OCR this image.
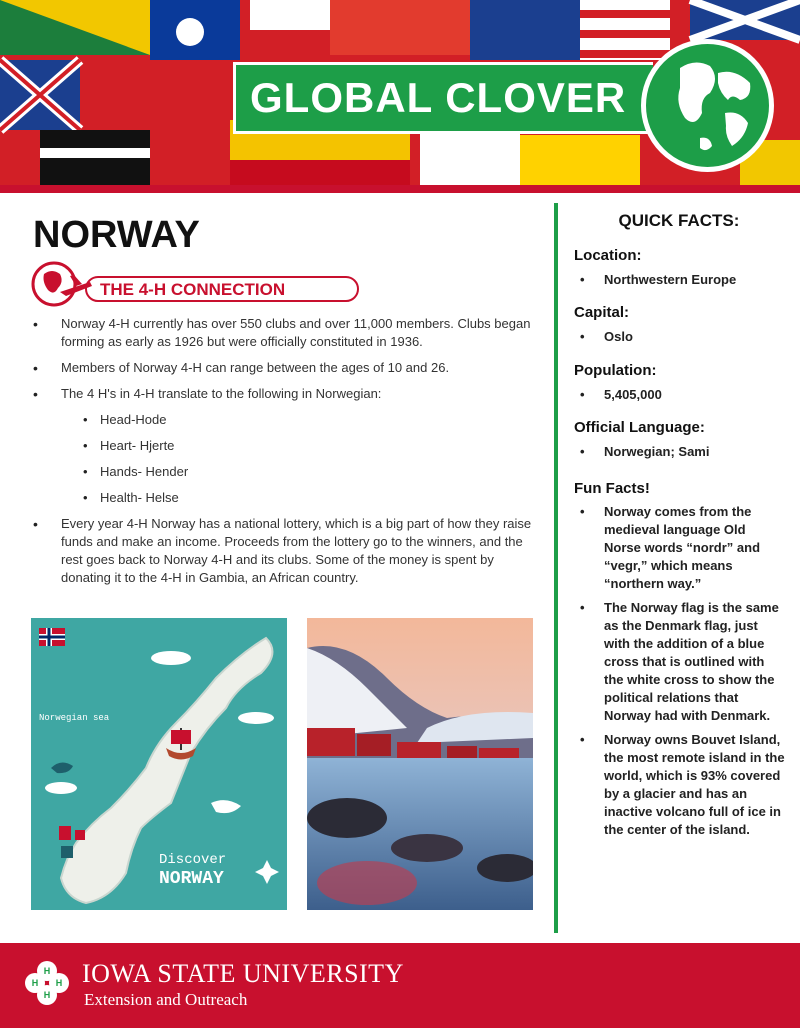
GLOBAL CLOVER
NORWAY
THE 4-H CONNECTION
• Norway 4-H currently has over 550 clubs and over 11,000 members. Clubs began forming as early as 1926 but were officially constituted in 1936.
• Members of Norway 4-H can range between the ages of 10 and 26.
• The 4 H's in 4-H translate to the following in Norwegian:
• Head-Hode
• Heart- Hjerte
• Hands- Hender
• Health- Helse
• Every year 4-H Norway has a national lottery, which is a big part of how they raise funds and make an income. Proceeds from the lottery go to the winners, and the rest goes back to Norway 4-H and its clubs. Some of the money is spent by donating it to the 4-H in Gambia, an African country.
Norwegian sea
Discover
NORWAY
QUICK FACTS:
Location:
• Northwestern Europe
Capital:
• Oslo
Population:
• 5,405,000
Official Language:
• Norwegian; Sami
Fun Facts!
• Norway comes from the medieval language Old Norse words “nordr” and “vegr,” which means “northern way.”
• The Norway flag is the same as the Denmark flag, just with the addition of a blue cross that is outlined with the white cross to show the political relations that Norway had with Denmark.
• Norway owns Bouvet Island, the most remote island in the world, which is 93% covered by a glacier and has an inactive volcano full of ice in the center of the island.
H
H H
H
IOWA STATE UNIVERSITY
Extension and Outreach
